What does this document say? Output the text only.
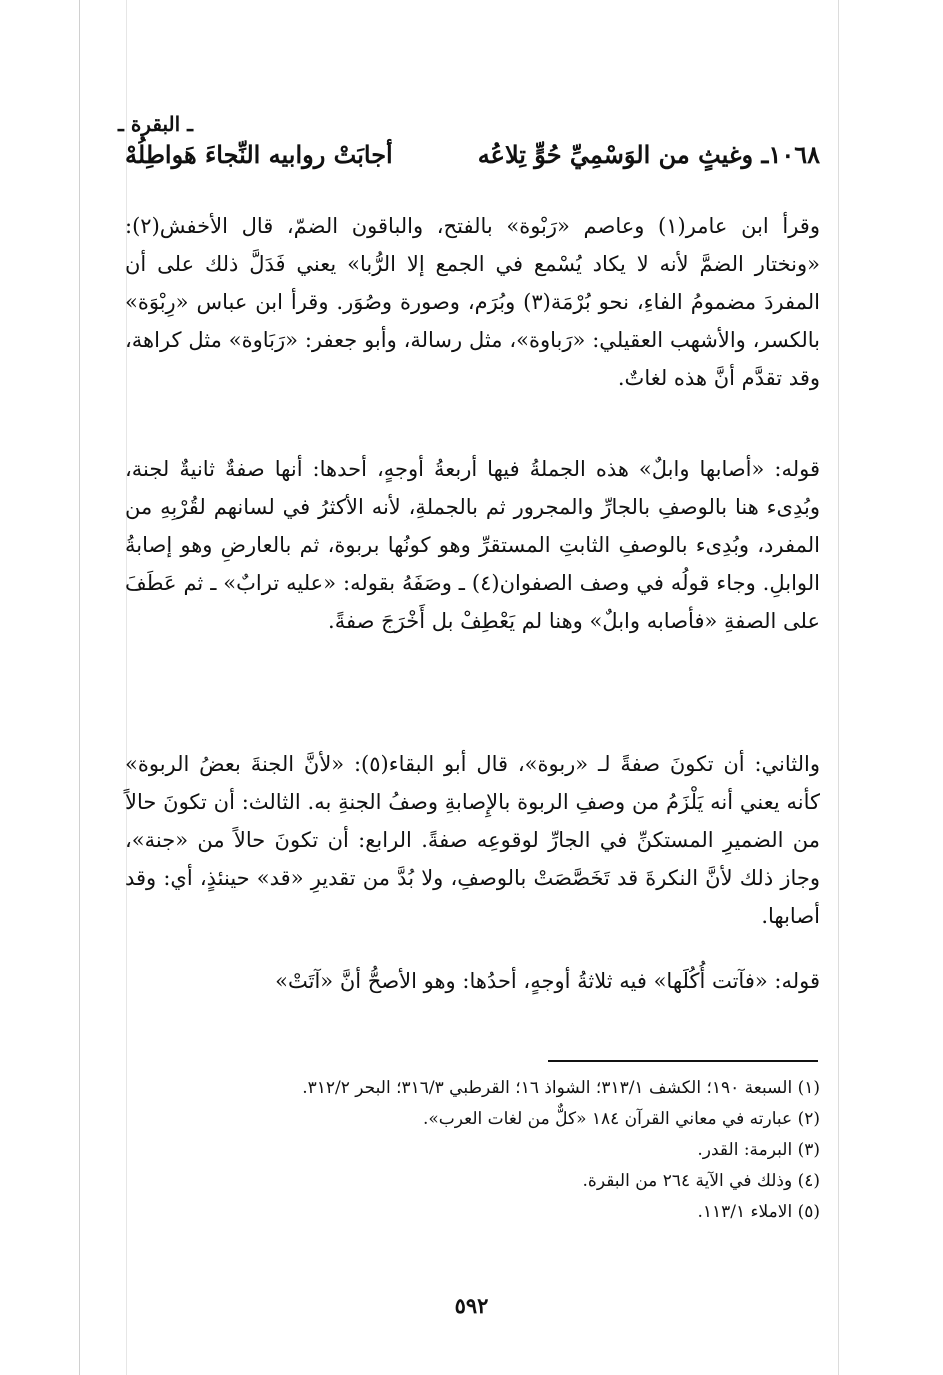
ـ البقرة ـ
١٠٦٨ـ وغيثٍ من الوَسْمِيِّ حُوٍّ تِلاعُه
أجابَتْ روابيه النِّجاءَ هَواطِلُهْ

وقرأ ابن عامر(١) وعاصم «رَبْوة» بالفتح، والباقون الضمّ، قال الأخفش(٢): «ونختار الضمَّ لأنه لا يكاد يُسْمع في الجمع إلا الرُّبا» يعني فَدَلَّ ذلك على أن المفردَ مضمومُ الفاءِ، نحو بُرْمَة(٣) وبُرَم، وصورة وصُوَر. وقرأ ابن عباس «رِبْوَة» بالكسر، والأشهب العقيلي: «رَباوة»، مثل رسالة، وأبو جعفر: «رَبَاوة» مثل كراهة، وقد تقدَّم أنَّ هذه لغاتٌ.

قوله: «أصابها وابلٌ» هذه الجملةُ فيها أربعةُ أوجهٍ، أحدها: أنها صفةٌ ثانيةٌ لجنة، وبُدِىء هنا بالوصفِ بالجارِّ والمجرور ثم بالجملةِ، لأنه الأكثرُ في لسانهم لقُرْبِهِ من المفرد، وبُدِىء بالوصفِ الثابتِ المستقرِّ وهو كونُها بربوة، ثم بالعارضِ وهو إصابةُ الوابلِ. وجاء قولُه في وصف الصفوان(٤) ـ وصَفَهُ بقوله: «عليه ترابٌ» ـ ثم عَطَفَ على الصفةِ «فأصابه وابلٌ» وهنا لم يَعْطِفْ بل أَخْرَجَ صفةً.

والثاني: أن تكونَ صفةً لـ «ربوة»، قال أبو البقاء(٥): «لأنَّ الجنةَ بعضُ الربوة» كأنه يعني أنه يَلْزَمُ من وصفِ الربوة بالإِصابةِ وصفُ الجنةِ به. الثالث: أن تكونَ حالاً من الضميرِ المستكنِّ في الجارِّ لوقوعِه صفةً. الرابع: أن تكونَ حالاً من «جنة»، وجاز ذلك لأنَّ النكرةَ قد تَخَصَّصَتْ بالوصفِ، ولا بُدَّ من تقديرِ «قد» حينئذٍ، أي: وقد أصابها.

قوله: «فآتت أُكُلَها» فيه ثلاثةُ أوجهٍ، أحدُها: وهو الأصحُّ أنَّ «آتَتْ»

(١) السبعة ١٩٠؛ الكشف ٣١٣/١؛ الشواذ ١٦؛ القرطبي ٣١٦/٣؛ البحر ٣١٢/٢.
(٢) عبارته في معاني القرآن ١٨٤ «كلٌّ من لغات العرب».
(٣) البرمة: القدر.
(٤) وذلك في الآية ٢٦٤ من البقرة.
(٥) الاملاء ١١٣/١.
٥٩٢
